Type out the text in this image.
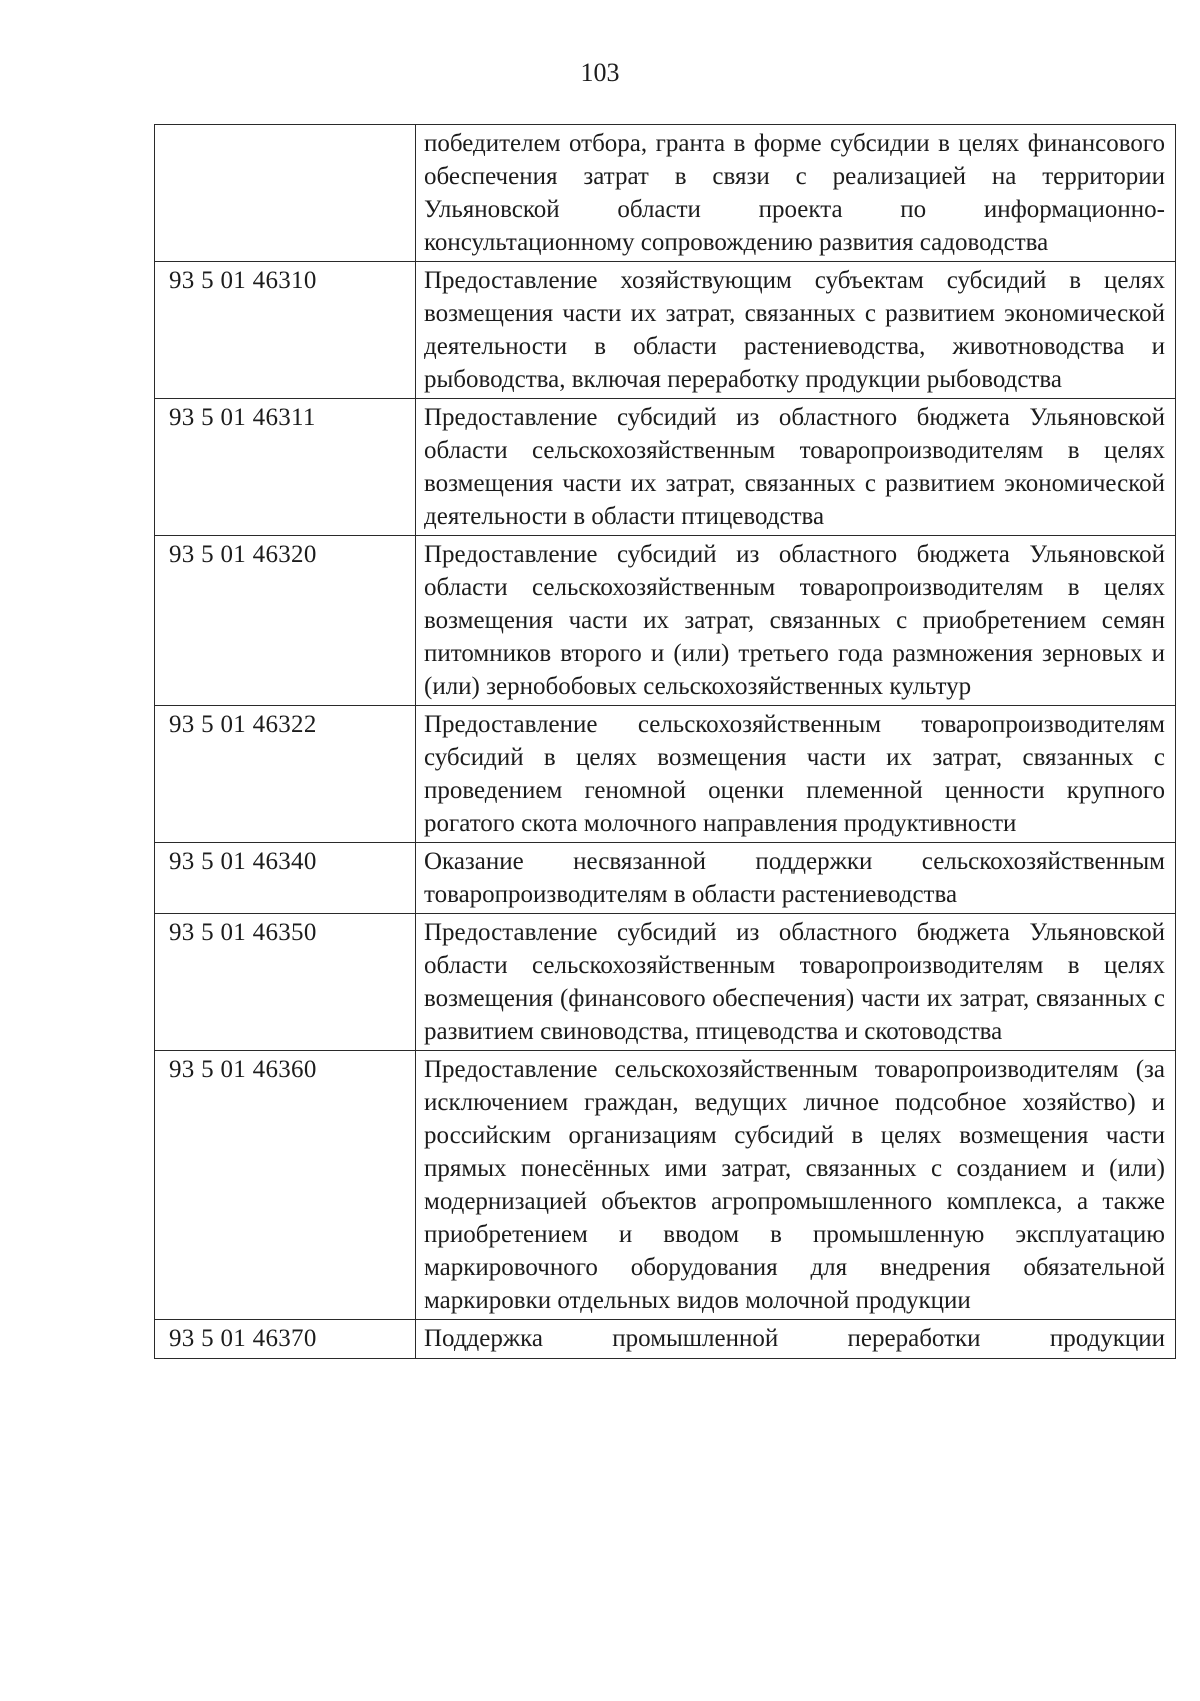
103
	победителем отбора, гранта в форме субсидии в целях финансового обеспечения затрат в связи с реализацией на территории Ульяновской области проекта по информационно-консультационному сопровождению развития садоводства
93 5 01 46310	Предоставление хозяйствующим субъектам субсидий в целях возмещения части их затрат, связанных с развитием экономической деятельности в области растениеводства, животноводства и рыбоводства, включая переработку продукции рыбоводства
93 5 01 46311	Предоставление субсидий из областного бюджета Ульяновской области сельскохозяйственным товаропроизводителям в целях возмещения части их затрат, связанных с развитием экономической деятельности в области птицеводства
93 5 01 46320	Предоставление субсидий из областного бюджета Ульяновской области сельскохозяйственным товаропроизводителям в целях возмещения части их затрат, связанных с приобретением семян питомников второго и (или) третьего года размножения зерновых и (или) зернобобовых сельскохозяйственных культур
93 5 01 46322	Предоставление сельскохозяйственным товаропроизводителям субсидий в целях возмещения части их затрат, связанных с проведением геномной оценки племенной ценности крупного рогатого скота молочного направления продуктивности
93 5 01 46340	Оказание несвязанной поддержки сельскохозяйственным товаропроизводителям в области растениеводства
93 5 01 46350	Предоставление субсидий из областного бюджета Ульяновской области сельскохозяйственным товаропроизводителям в целях возмещения (финансового обеспечения) части их затрат, связанных с развитием свиноводства, птицеводства и скотоводства
93 5 01 46360	Предоставление сельскохозяйственным товаропроизводителям (за исключением граждан, ведущих личное подсобное хозяйство) и российским организациям субсидий в целях возмещения части прямых понесённых ими затрат, связанных с созданием и (или) модернизацией объектов агропромышленного комплекса, а также приобретением и вводом в промышленную эксплуатацию маркировочного оборудования для внедрения обязательной маркировки отдельных видов молочной продукции
93 5 01 46370	Поддержка промышленной переработки продукции
